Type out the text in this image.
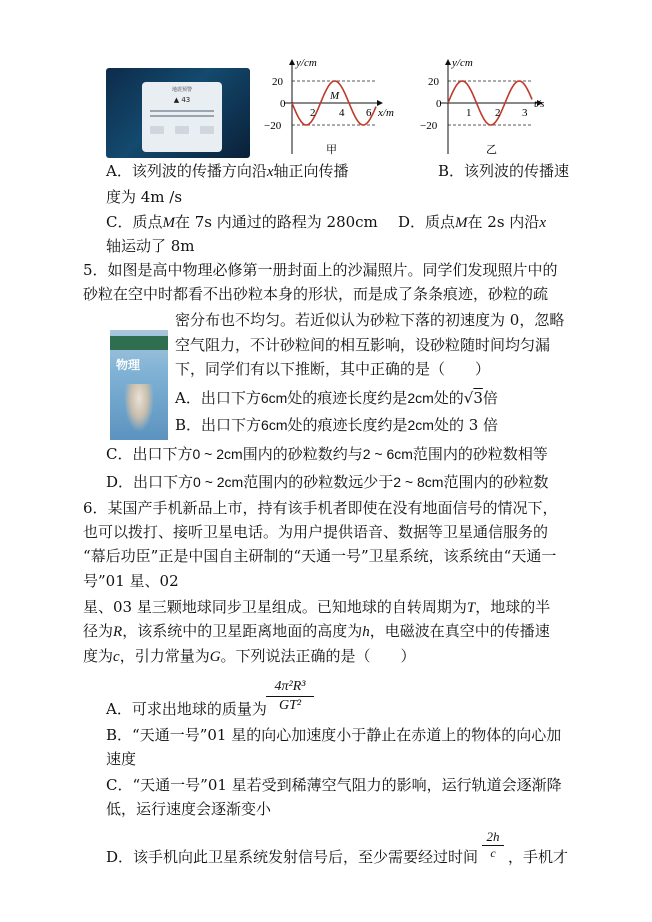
地震预警
▲ 43
y/cm
x/m
20
0
−20
2 4 6
M
甲
y/cm
t/s
20
0
−20
1 2 3
乙
A．该列波的传播方向沿x轴正向传播	B．该列波的传播速
度为 4m /s
C．质点M在 7s 内通过的路程为 280cm D．质点M在 2s 内沿x
轴运动了 8m
5．如图是高中物理必修第一册封面上的沙漏照片。同学们发现照片中的
砂粒在空中时都看不出砂粒本身的形状，而是成了条条痕迹，砂粒的疏
物理
密分布也不均匀。若近似认为砂粒下落的初速度为 0，忽略
空气阻力，不计砂粒间的相互影响，设砂粒随时间均匀漏
下，同学们有以下推断，其中正确的是（　　）
A．出口下方6cm处的痕迹长度约是2cm处的√3倍
B．出口下方6cm处的痕迹长度约是2cm处的 3 倍
C．出口下方0 ~ 2cm围内的砂粒数约与2 ~ 6cm范围内的砂粒数相等
D．出口下方0 ~ 2cm范围内的砂粒数远少于2 ~ 8cm范围内的砂粒数
6．某国产手机新品上市，持有该手机者即使在没有地面信号的情况下，
也可以拨打、接听卫星电话。为用户提供语音、数据等卫星通信服务的
“幕后功臣”正是中国自主研制的“天通一号”卫星系统，该系统由“天通一
号”01 星、02
星、03 星三颗地球同步卫星组成。已知地球的自转周期为T，地球的半
径为R，该系统中的卫星距离地面的高度为h，电磁波在真空中的传播速
度为c，引力常量为G。下列说法正确的是（　　）
A．可求出地球的质量为 $\frac{\text{4π²R³}}{\text{GT²}}$
B．“天通一号”01 星的向心加速度小于静止在赤道上的物体的向心加
速度
C．“天通一号”01 星若受到稀薄空气阻力的影响，运行轨道会逐渐降
低，运行速度会逐渐变小
D．该手机向此卫星系统发射信号后，至少需要经过时间 $\frac{2h}{c}$ ，手机才
